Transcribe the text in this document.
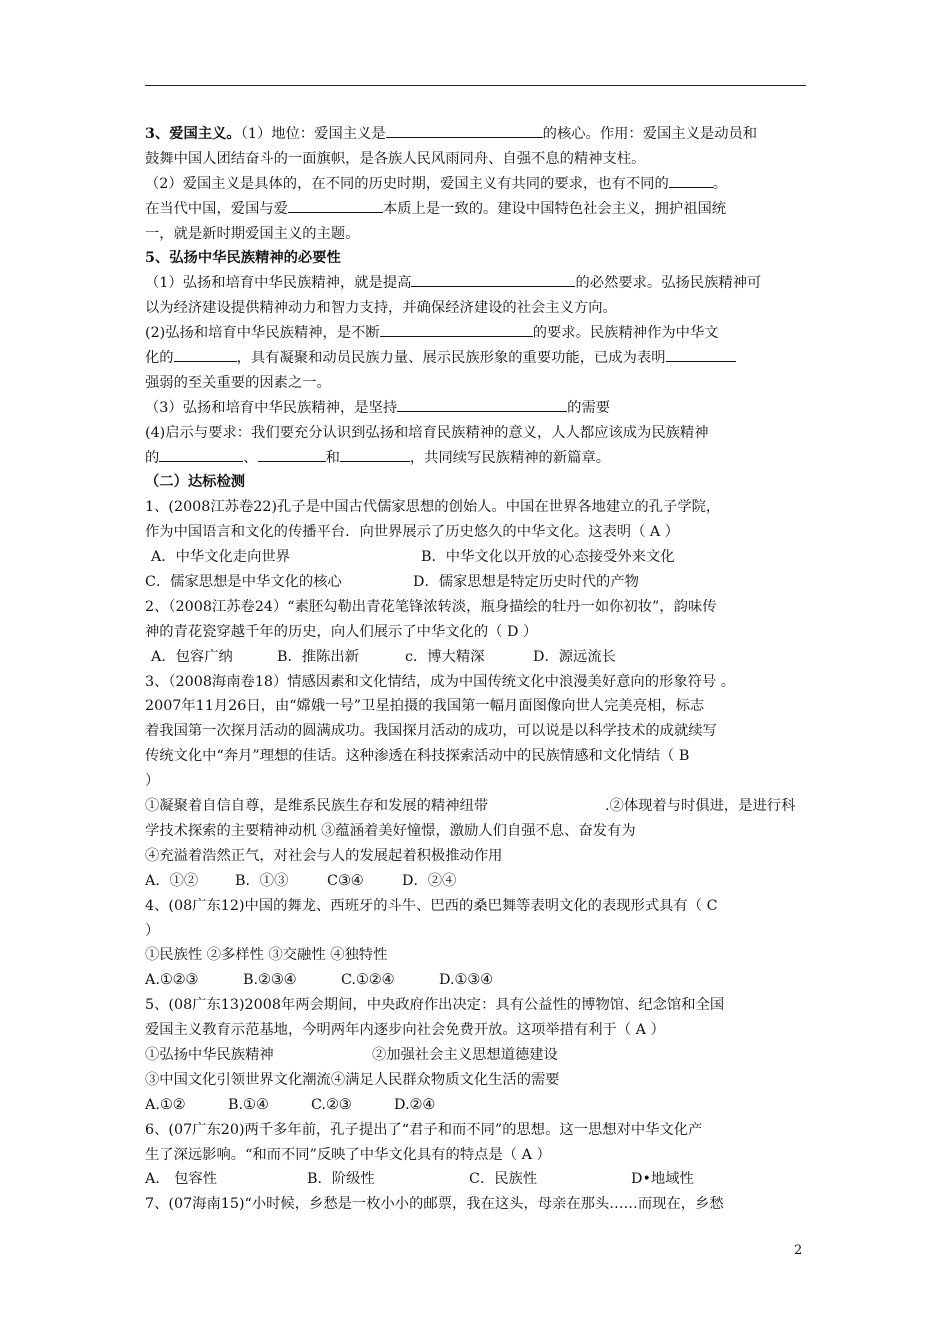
3、爱国主义。（1）地位：爱国主义是	的核心。作用：爱国主义是动员和
鼓舞中国人团结奋斗的一面旗帜，是各族人民风雨同舟、自强不息的精神支柱。
（2）爱国主义是具体的，在不同的历史时期，爱国主义有共同的要求，也有不同的	。
在当代中国，爱国与爱	本质上是一致的。建设中国特色社会主义，拥护祖国统
一，就是新时期爱国主义的主题。
5、弘扬中华民族精神的必要性
（1）弘扬和培育中华民族精神，就是提高	的必然要求。弘扬民族精神可
以为经济建设提供精神动力和智力支持，并确保经济建设的社会主义方向。
(2)弘扬和培育中华民族精神，是不断	的要求。民族精神作为中华文
化的	，具有凝聚和动员民族力量、展示民族形象的重要功能，已成为表明
强弱的至关重要的因素之一。
（3）弘扬和培育中华民族精神，是坚持	的需要
(4)启示与要求：我们要充分认识到弘扬和培育民族精神的意义，人人都应该成为民族精神
的	、	和	，共同续写民族精神的新篇章。
（二）达标检测
1、(2008江苏卷22)孔子是中国古代儒家思想的创始人。中国在世界各地建立的孔子学院，
作为中国语言和文化的传播平台．向世界展示了历史悠久的中华文化。这表明（ A ）
A．中华文化走向世界	B．中华文化以开放的心态接受外来文化
C．儒家思想是中华文化的核心	D．儒家思想是特定历史时代的产物
2、（2008江苏卷24）“素胚勾勒出青花笔锋浓转淡，瓶身描绘的牡丹一如你初妆”，韵味传
神的青花瓷穿越千年的历史，向人们展示了中华文化的（ D ）
A．包容广纳	B．推陈出新	c．博大精深	D．源远流长
3、（2008海南卷18）情感因素和文化情结，成为中国传统文化中浪漫美好意向的形象符号 。
2007年11月26日，由“嫦娥一号”卫星拍摄的我国第一幅月面图像向世人完美亮相，标志
着我国第一次探月活动的圆满成功。我国探月活动的成功，可以说是以科学技术的成就续写
传统文化中“奔月”理想的佳话。这种渗透在科技探索活动中的民族情感和文化情结（ B
）
①凝聚着自信自尊，是维系民族生存和发展的精神纽带	.②体现着与时俱进，是进行科
学技术探索的主要精神动机 ③蕴涵着美好憧憬，激励人们自强不息、奋发有为
④充溢着浩然正气，对社会与人的发展起着积极推动作用
A．①②	B．①③	C③④	D．②④
4、(08广东12)中国的舞龙、西班牙的斗牛、巴西的桑巴舞等表明文化的表现形式具有（ C
）
①民族性 ②多样性 ③交融性 ④独特性
A.①②③	B.②③④	C.①②④	D.①③④
5、(08广东13)2008年两会期间，中央政府作出决定：具有公益性的博物馆、纪念馆和全国
爱国主义教育示范基地，今明两年内逐步向社会免费开放。这项举措有利于（ A ）
①弘扬中华民族精神	②加强社会主义思想道德建设
③中国文化引领世界文化潮流④满足人民群众物质文化生活的需要
A.①②	B.①④	C.②③	D.②④
6、(07广东20)两千多年前，孔子提出了“君子和而不同”的思想。这一思想对中华文化产
生了深远影响。“和而不同”反映了中华文化具有的特点是（ A ）
A． 包容性	B．阶级性	C．民族性	D•地域性
7、(07海南15)“小时候，乡愁是一枚小小的邮票，我在这头，母亲在那头……而现在，乡愁
2
